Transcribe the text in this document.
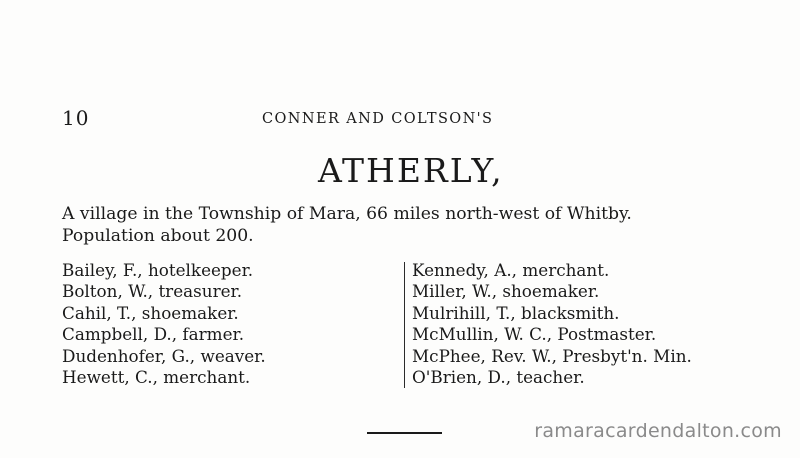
10	CONNER AND COLTSON'S
ATHERLY,

A village in the Township of Mara, 66 miles north-west of Whitby.
Population about 200.

Bailey, F., hotelkeeper.
Bolton, W., treasurer.
Cahil, T., shoemaker.
Campbell, D., farmer.
Dudenhofer, G., weaver.
Hewett, C., merchant.
Kennedy, A., merchant.
Miller, W., shoemaker.
Mulrihill, T., blacksmith.
McMullin, W. C., Postmaster.
McPhee, Rev. W., Presbyt'n. Min.
O'Brien, D., teacher.
ramaracardendalton.com
